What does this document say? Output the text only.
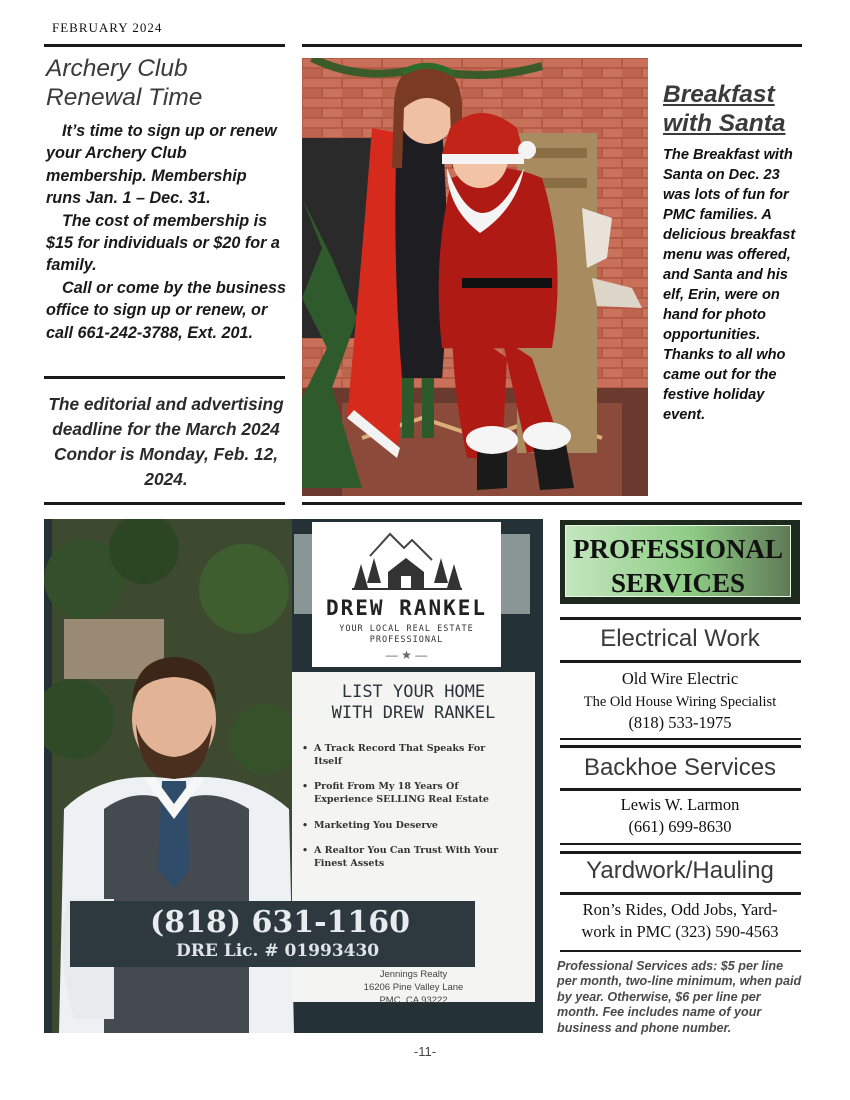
FEBRUARY 2024
Archery Club
Renewal Time

It’s time to sign up or renew your Archery Club membership. Membership runs Jan. 1 – Dec. 31.

The cost of membership is $15 for individuals or $20 for a family.

Call or come by the business office to sign up or renew, or call 661-242-3788, Ext. 201.

The editorial and advertising deadline for the March 2024 Condor is Monday, Feb. 12, 2024.
Breakfast
with Santa
The Breakfast with Santa on Dec. 23 was lots of fun for PMC families. A delicious breakfast menu was offered, and Santa and his elf, Erin, were on hand for photo opportunities. Thanks to all who came out for the festive holiday event.
DREW RANKEL
YOUR LOCAL REAL ESTATE
PROFESSIONAL
— ★ —
LIST YOUR HOME
WITH DREW RANKEL
• A Track Record That Speaks For
Itself
• Profit From My 18 Years Of
Experience SELLING Real Estate
• Marketing You Deserve
• A Realtor You Can Trust With Your
Finest Assets
Jennings Realty
16206 Pine Valley Lane
PMC, CA 93222
(818) 631-1160
DRE Lic. # 01993430
PROFESSIONAL
SERVICES
Electrical Work
Old Wire Electric
The Old House Wiring Specialist
(818) 533-1975
Backhoe Services
Lewis W. Larmon
(661) 699-8630
Yardwork/Hauling
Ron’s Rides, Odd Jobs, Yard-
work in PMC (323) 590-4563
Professional Services ads: $5 per line per month, two-line minimum, when paid by year. Otherwise, $6 per line per month. Fee includes name of your business and phone number.
-11-
